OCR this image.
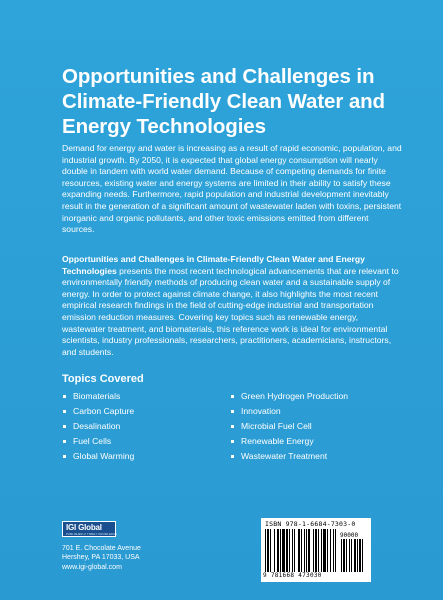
Opportunities and Challenges in Climate-Friendly Clean Water and Energy Technologies
Demand for energy and water is increasing as a result of rapid economic, population, and industrial growth. By 2050, it is expected that global energy consumption will nearly double in tandem with world water demand. Because of competing demands for finite resources, existing water and energy systems are limited in their ability to satisfy these expanding needs. Furthermore, rapid population and industrial development inevitably result in the generation of a significant amount of wastewater laden with toxins, persistent inorganic and organic pollutants, and other toxic emissions emitted from different sources.
Opportunities and Challenges in Climate-Friendly Clean Water and Energy Technologies presents the most recent technological advancements that are relevant to environmentally friendly methods of producing clean water and a sustainable supply of energy. In order to protect against climate change, it also highlights the most recent empirical research findings in the field of cutting-edge industrial and transportation emission reduction measures. Covering key topics such as renewable energy, wastewater treatment, and biomaterials, this reference work is ideal for environmental scientists, industry professionals, researchers, practitioners, academicians, instructors, and students.
Topics Covered
Biomaterials
Carbon Capture
Desalination
Fuel Cells
Global Warming
Green Hydrogen Production
Innovation
Microbial Fuel Cell
Renewable Energy
Wastewater Treatment
IGI Global
PUBLISHER of TIMELY KNOWLEDGE
701 E. Chocolate Avenue
Hershey, PA 17033, USA
www.igi-global.com
ISBN 978-1-6684-7303-0
90000
9 781668 473030
